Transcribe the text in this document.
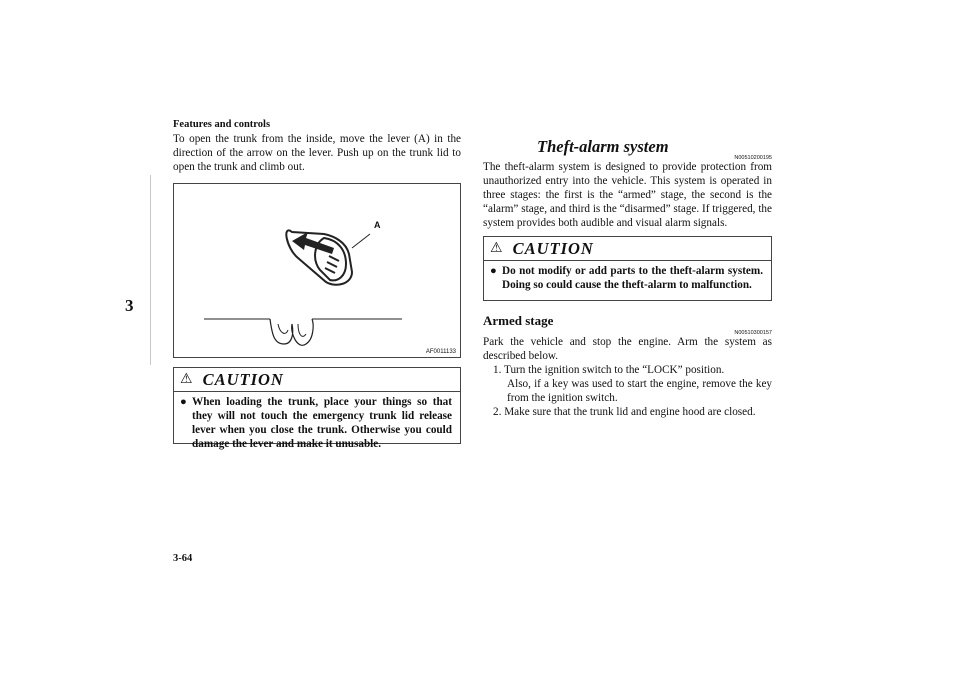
Features and controls
3
To open the trunk from the inside, move the lever (A) in the direction of the arrow on the lever. Push up on the trunk lid to open the trunk and climb out.
A
AF0011133
⚠ CAUTION
● When loading the trunk, place your things so that they will not touch the emergency trunk lid release lever when you close the trunk. Otherwise you could damage the lever and make it unusable.
Theft-alarm system
N00510200195
The theft-alarm system is designed to provide protection from unauthorized entry into the vehicle. This system is operated in three stages: the first is the “armed” stage, the second is the “alarm” stage, and third is the “disarmed” stage. If triggered, the system provides both audible and visual alarm signals.
⚠ CAUTION
● Do not modify or add parts to the theft-alarm system. Doing so could cause the theft-alarm to malfunction.
Armed stage
N00510300157
Park the vehicle and stop the engine. Arm the system as described below.
1. Turn the ignition switch to the “LOCK” position.
Also, if a key was used to start the engine, remove the key from the ignition switch.
2. Make sure that the trunk lid and engine hood are closed.
3-64
